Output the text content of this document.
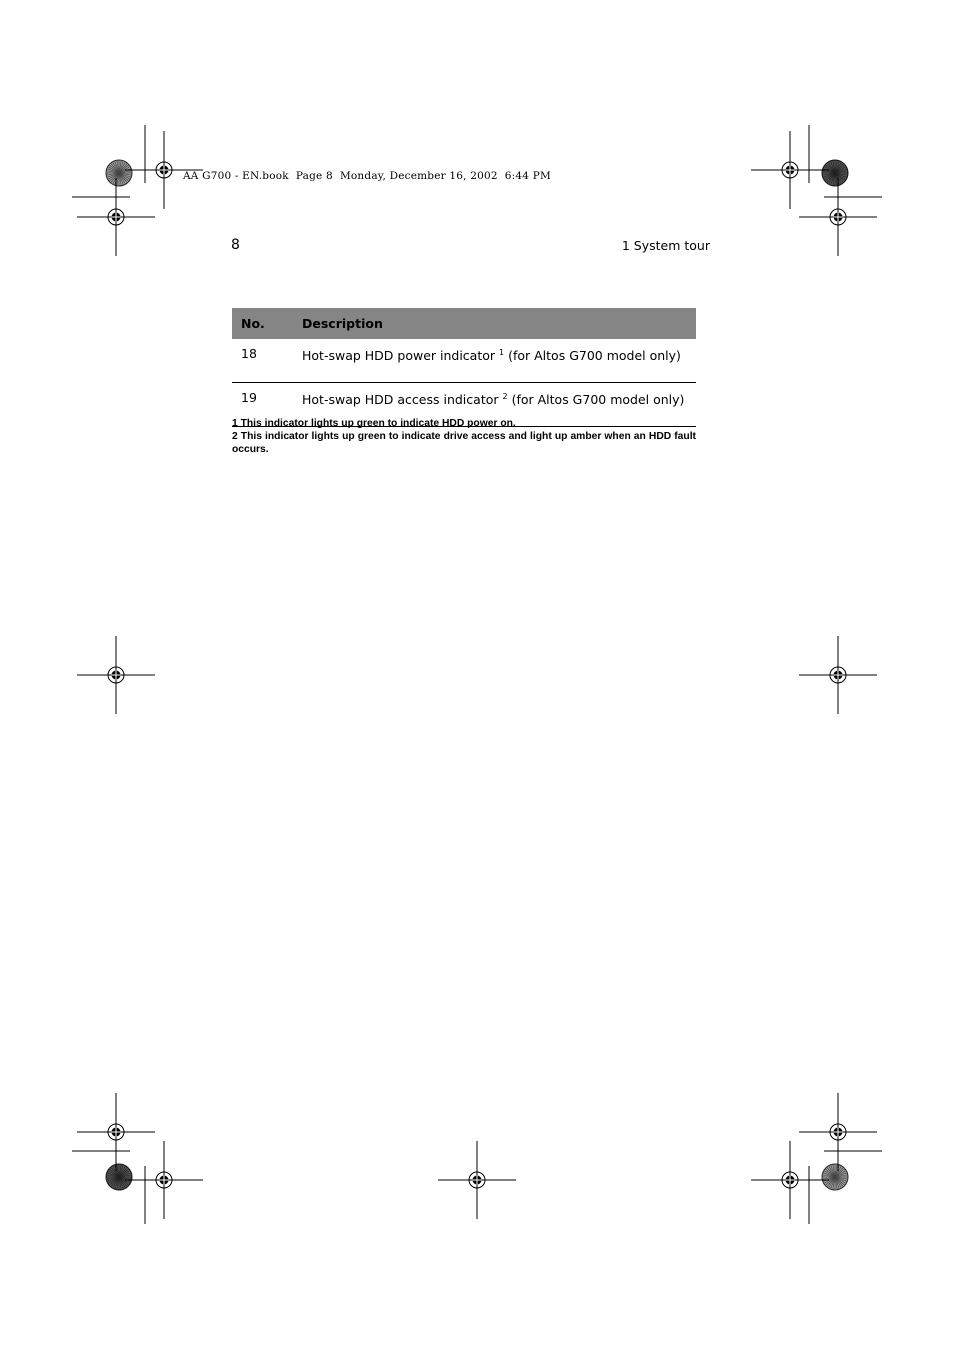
AA G700 - EN.book  Page 8  Monday, December 16, 2002  6:44 PM
8	1 System tour
No.	Description
18	Hot-swap HDD power indicator $^1$ (for Altos G700 model only)
19	Hot-swap HDD access indicator $^2$ (for Altos G700 model only)
1 This indicator lights up green to indicate HDD power on.
2 This indicator lights up green to indicate drive access and light up amber when an HDD fault occurs.
